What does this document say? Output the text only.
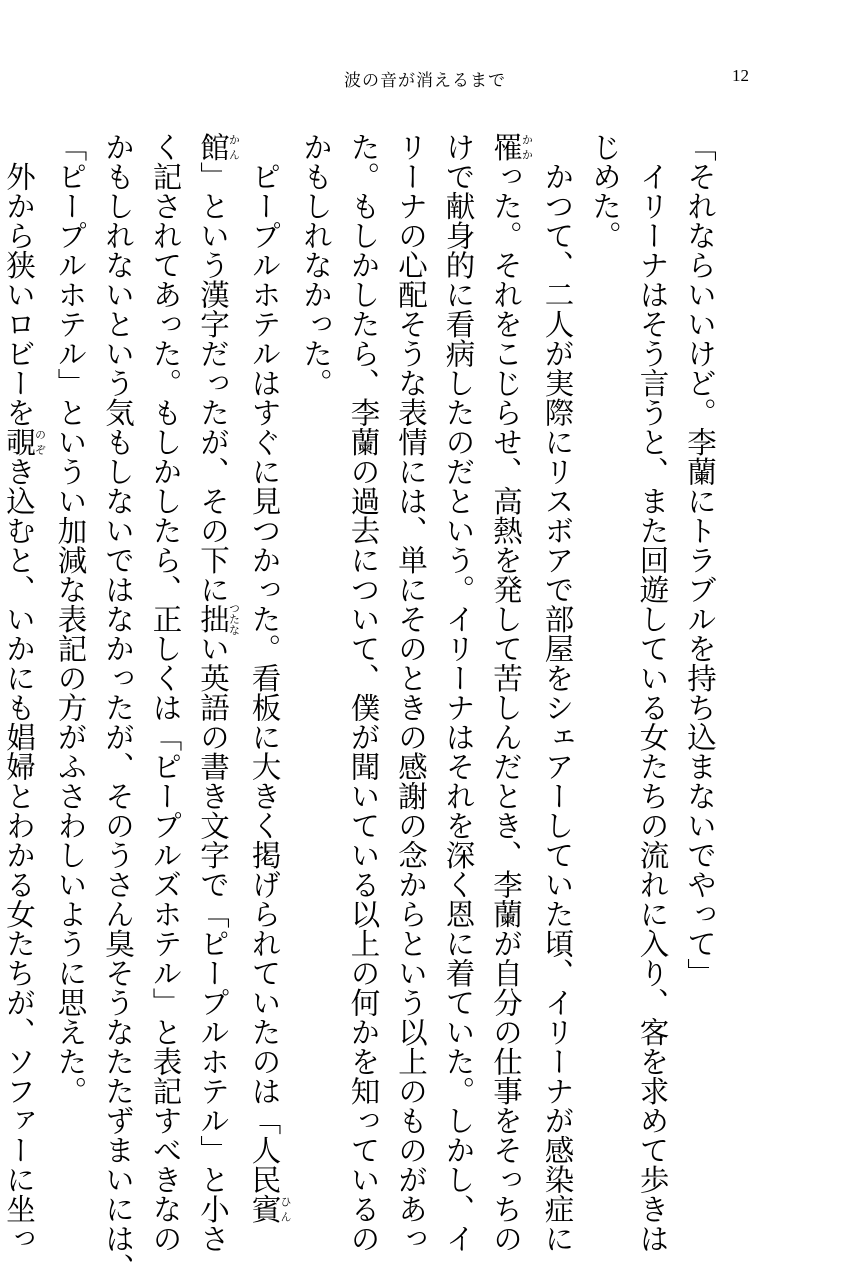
波の音が消えるまで	12
「それならいいけど。李蘭にトラブルを持ち込まないでやって」
　イリーナはそう言うと、また回遊している女たちの流れに入り、客を求めて歩きは
じめた。
　かつて、二人が実際にリスボアで部屋をシェアーしていた頃、イリーナが感染症に
罹かかった。それをこじらせ、高熱を発して苦しんだとき、李蘭が自分の仕事をそっちの
けで献身的に看病したのだという。イリーナはそれを深く恩に着ていた。しかし、イ
リーナの心配そうな表情には、単にそのときの感謝の念からという以上のものがあっ
た。もしかしたら、李蘭の過去について、僕が聞いている以上の何かを知っているの
かもしれなかった。
　ピープルホテルはすぐに見つかった。看板に大きく掲げられていたのは「人民賓ひん
館かん」という漢字だったが、その下に拙つたない英語の書き文字で「ピープルホテル」と小さ
く記されてあった。もしかしたら、正しくは「ピープルズホテル」と表記すべきなの
かもしれないという気もしないではなかったが、そのうさん臭そうなたたずまいには、
「ピープルホテル」というい加減な表記の方がふさわしいように思えた。
　外から狭いロビーを覗のぞき込むと、いかにも娼婦とわかる女たちが、ソファーに坐っ
